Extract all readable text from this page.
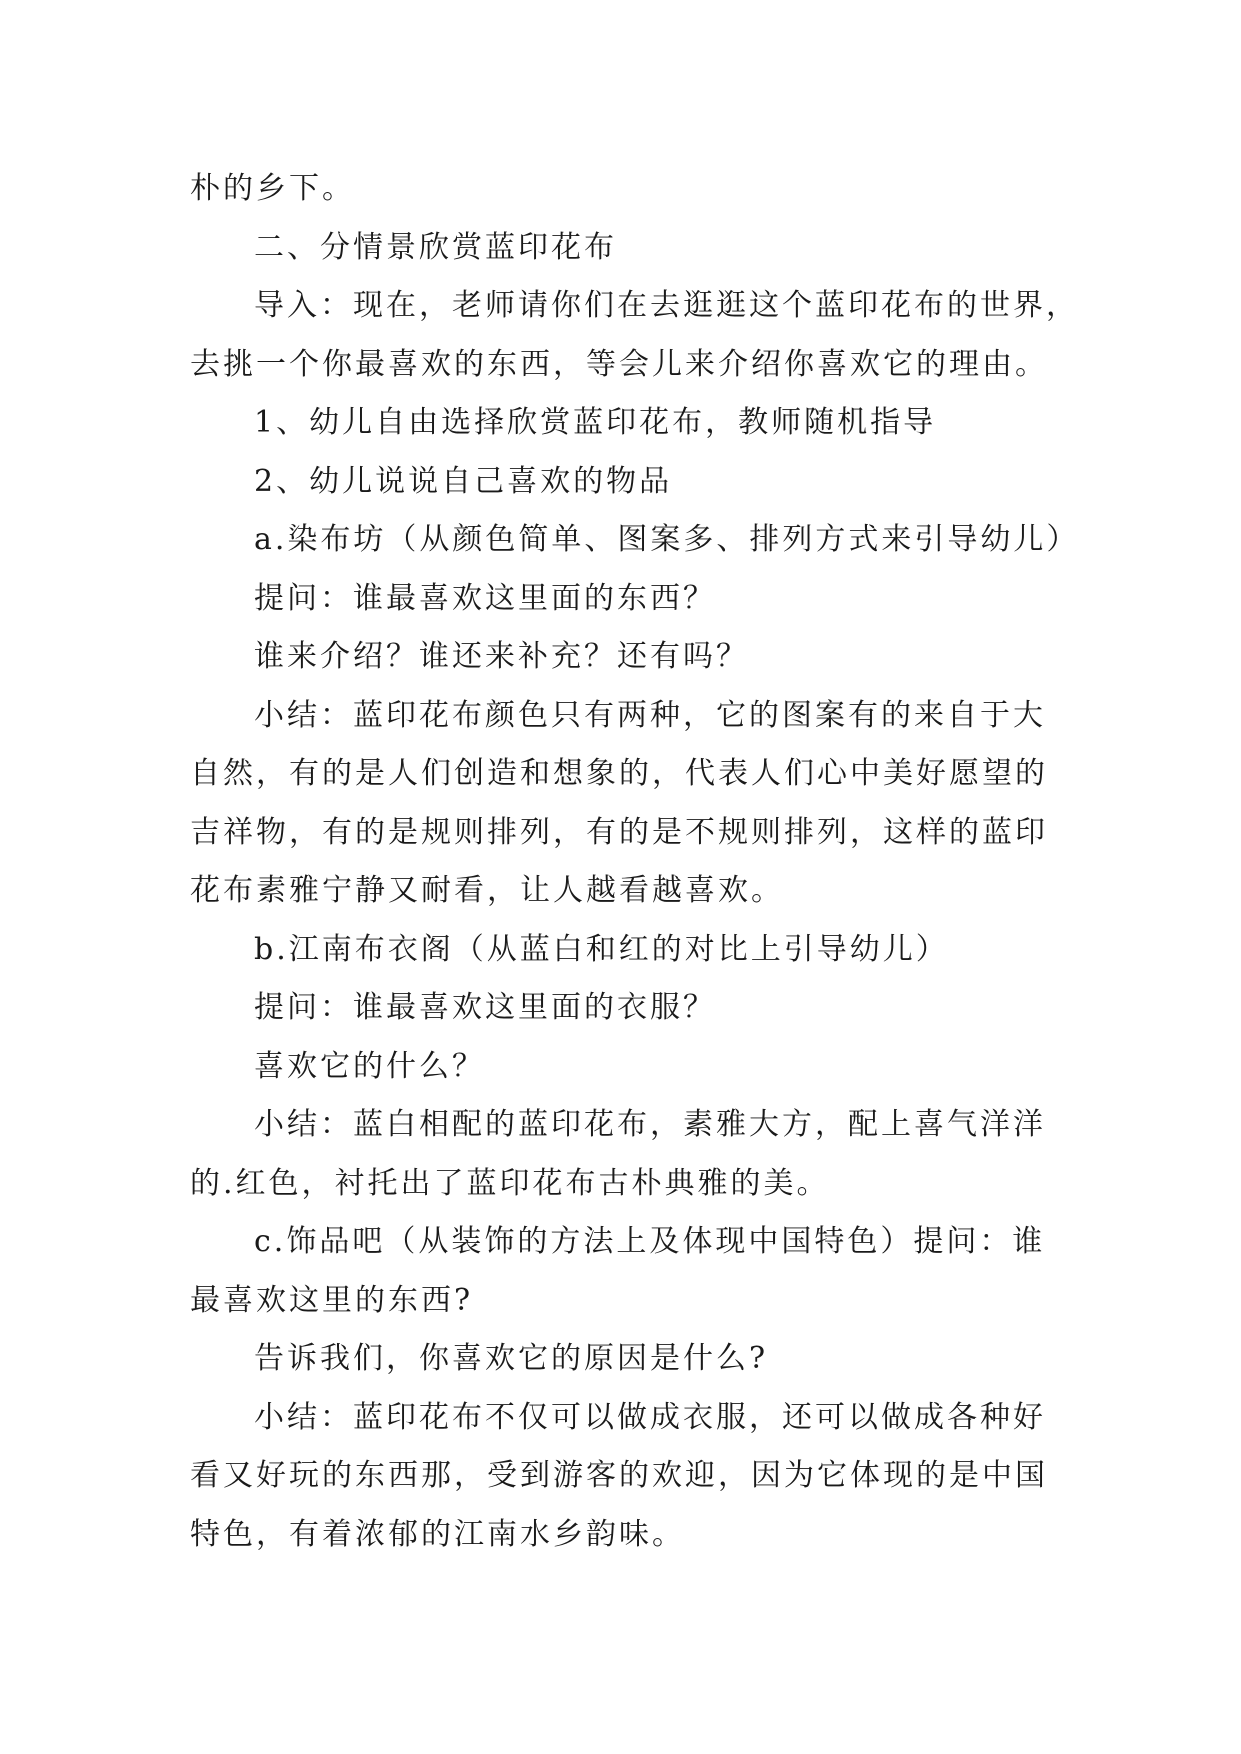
朴的乡下。
二、分情景欣赏蓝印花布
导入：现在，老师请你们在去逛逛这个蓝印花布的世界，
去挑一个你最喜欢的东西，等会儿来介绍你喜欢它的理由。
1、幼儿自由选择欣赏蓝印花布，教师随机指导
2、幼儿说说自己喜欢的物品
a.染布坊（从颜色简单、图案多、排列方式来引导幼儿）
提问：谁最喜欢这里面的东西？
谁来介绍？谁还来补充？还有吗？
小结：蓝印花布颜色只有两种，它的图案有的来自于大
自然，有的是人们创造和想象的，代表人们心中美好愿望的
吉祥物，有的是规则排列，有的是不规则排列，这样的蓝印
花布素雅宁静又耐看，让人越看越喜欢。
b.江南布衣阁（从蓝白和红的对比上引导幼儿）
提问：谁最喜欢这里面的衣服？
喜欢它的什么？
小结：蓝白相配的蓝印花布，素雅大方，配上喜气洋洋
的.红色，衬托出了蓝印花布古朴典雅的美。
c.饰品吧（从装饰的方法上及体现中国特色）提问：谁
最喜欢这里的东西?
告诉我们，你喜欢它的原因是什么?
小结：蓝印花布不仅可以做成衣服，还可以做成各种好
看又好玩的东西那，受到游客的欢迎，因为它体现的是中国
特色，有着浓郁的江南水乡韵味。
